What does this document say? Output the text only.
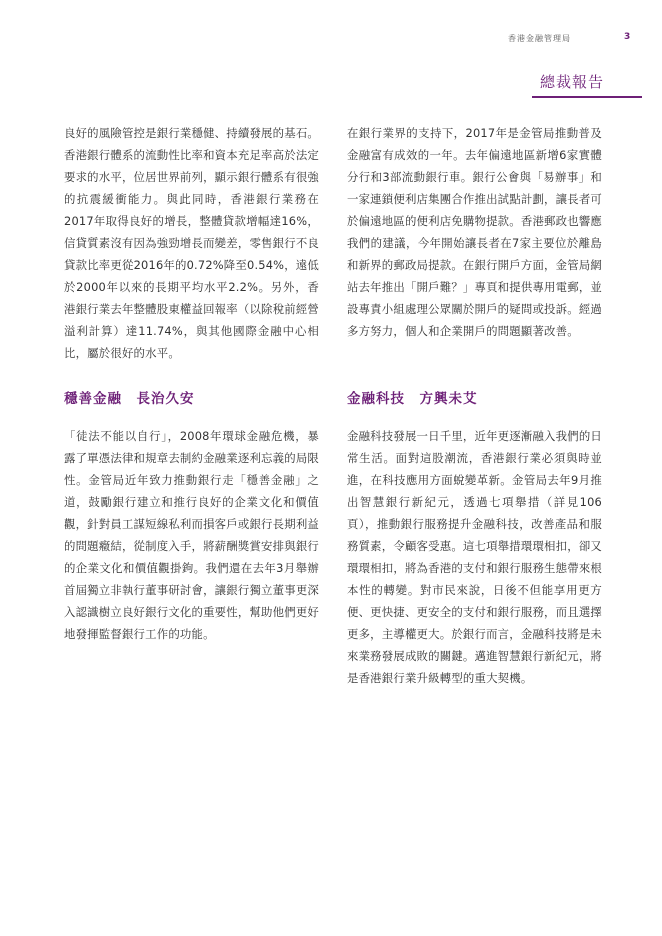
香港金融管理局	3
總裁報告

良好的風險管控是銀行業穩健、持續發展的基石。香港銀行體系的流動性比率和資本充足率高於法定要求的水平，位居世界前列，顯示銀行體系有很強的抗震緩衝能力。與此同時，香港銀行業務在2017年取得良好的增長，整體貸款增幅達16%，信貸質素沒有因為強勁增長而變差，零售銀行不良貸款比率更從2016年的0.72%降至0.54%，遠低於2000年以來的長期平均水平2.2%。另外，香港銀行業去年整體股東權益回報率（以除稅前經營溢利計算）達11.74%，與其他國際金融中心相比，屬於很好的水平。

在銀行業界的支持下，2017年是金管局推動普及金融富有成效的一年。去年偏遠地區新增6家實體分行和3部流動銀行車。銀行公會與「易辦事」和一家連鎖便利店集團合作推出試點計劃，讓長者可於偏遠地區的便利店免購物提款。香港郵政也響應我們的建議，今年開始讓長者在7家主要位於離島和新界的郵政局提款。在銀行開戶方面，金管局網站去年推出「開戶難？」專頁和提供專用電郵，並設專責小組處理公眾關於開戶的疑問或投訴。經過多方努力，個人和企業開戶的問題顯著改善。

穩善金融　長治久安	金融科技　方興未艾

「徒法不能以自行」，2008年環球金融危機，暴露了單憑法律和規章去制約金融業逐利忘義的局限性。金管局近年致力推動銀行走「穩善金融」之道，鼓勵銀行建立和推行良好的企業文化和價值觀，針對員工謀短線私利而損客戶或銀行長期利益的問題癥結，從制度入手，將薪酬獎賞安排與銀行的企業文化和價值觀掛鉤。我們還在去年3月舉辦首屆獨立非執行董事研討會，讓銀行獨立董事更深入認識樹立良好銀行文化的重要性，幫助他們更好地發揮監督銀行工作的功能。

金融科技發展一日千里，近年更逐漸融入我們的日常生活。面對這股潮流，香港銀行業必須與時並進，在科技應用方面蛻變革新。金管局去年9月推出智慧銀行新紀元，透過七項舉措（詳見106頁），推動銀行服務提升金融科技，改善產品和服務質素，令顧客受惠。這七項舉措環環相扣，卻又環環相扣，將為香港的支付和銀行服務生態帶來根本性的轉變。對市民來說，日後不但能享用更方便、更快捷、更安全的支付和銀行服務，而且選擇更多，主導權更大。於銀行而言，金融科技將是未來業務發展成敗的關鍵。邁進智慧銀行新紀元，將是香港銀行業升級轉型的重大契機。
